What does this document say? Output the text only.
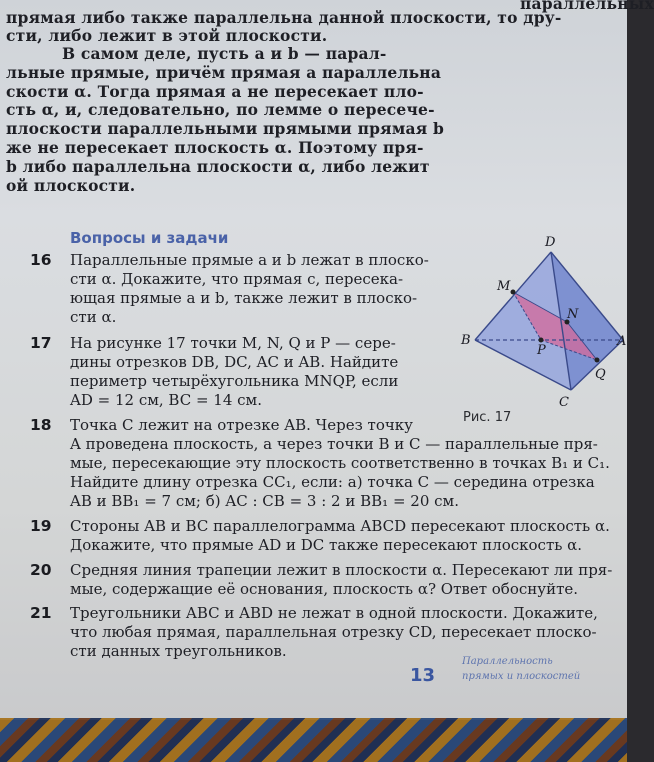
параллельных
прямая либо также параллельна данной плоскости, то дру-
сти, либо лежит в этой плоскости.
В самом деле, пусть a и b — парал-
льные прямые, причём прямая a параллельна
скости α. Тогда прямая a не пересекает пло-
сть α, и, следовательно, по лемме о пересече-
плоскости параллельными прямыми прямая b
же не пересекает плоскость α. Поэтому пря-
b либо параллельна плоскости α, либо лежит
ой плоскости.
Вопросы и задачи
16 Параллельные прямые a и b лежат в плоско-
сти α. Докажите, что прямая c, пересека-
ющая прямые a и b, также лежит в плоско-
сти α.
17 На рисунке 17 точки M, N, Q и P — сере-
дины отрезков DB, DC, AC и AB. Найдите
периметр четырёхугольника MNQP, если
AD = 12 см, BC = 14 см.
18 Точка C лежит на отрезке AB. Через точку
A проведена плоскость, а через точки B и C — параллельные пря-
мые, пересекающие эту плоскость соответственно в точках B₁ и C₁.
Найдите длину отрезка CC₁, если: а) точка C — середина отрезка
AB и BB₁ = 7 см; б) AC : CB = 3 : 2 и BB₁ = 20 см.
19 Стороны AB и BC параллелограмма ABCD пересекают плоскость α.
Докажите, что прямые AD и DC также пересекают плоскость α.
20 Средняя линия трапеции лежит в плоскости α. Пересекают ли пря-
мые, содержащие её основания, плоскость α? Ответ обоснуйте.
21 Треугольники ABC и ABD не лежат в одной плоскости. Докажите,
что любая прямая, параллельная отрезку CD, пересекает плоско-
сти данных треугольников.
D
M
N
B
P
A
Q
C
Рис. 17
13
Параллельность
прямых и плоскостей
